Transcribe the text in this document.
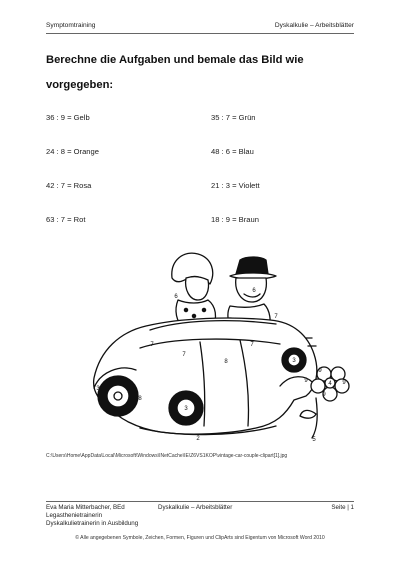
Symptomtraining	Dyskalkulie – Arbeitsblätter
Berechne die Aufgaben und bemale das Bild wie
vorgegeben:
36 : 9 = Gelb	35 : 7 = Grün
24 : 8 = Orange	48 : 6 = Blau
42 : 7 = Rosa	21 : 3 = Violett
63 : 7 = Rot	18 : 9 = Braun
6
6
7
7
7
8
7
3
8
3
3
2
9	4 9
9
9
5
C:\Users\Home\AppData\Local\Microsoft\Windows\INetCache\IE\Z6VS1KOP\vintage-car-couple-clipart[1].jpg
Eva Maria Mitterbacher, BEd
Legasthenietrainerin
Dyskalkulietrainerin in Ausbildung
Dyskalkulie – Arbeitsblätter	Seite | 1
© Alle angegebenen Symbole, Zeichen, Formen, Figuren und ClipArts sind Eigentum von Microsoft Word 2010
